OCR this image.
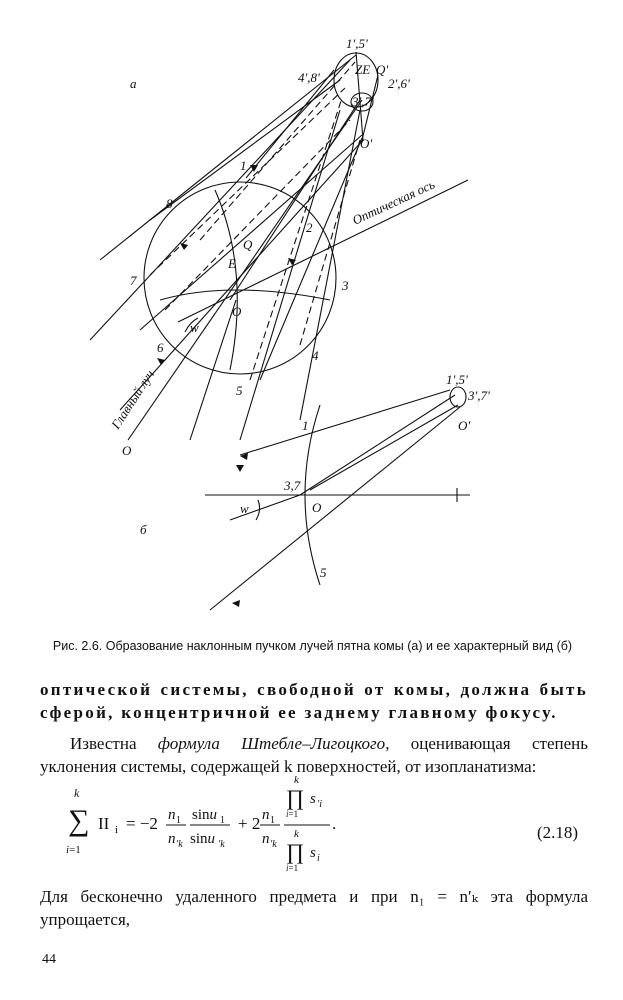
а
1',5'
4',8'	2',6'
3',7'
ZE Q'
O'
1
2
3
4
5
6
7
8
O
Q
E
w
Оптическая ось
Главный луч
O
б
1',5'
3',7'
O'
1
3,7
O
w
5
Рис. 2.6. Образование наклонным пучком лучей пятна комы (а) и ее характерный вид (б)
оптической системы, свободной от комы, должна быть сферой, концентричной ее заднему главному фокусу.
Известна формула Штебле–Лигоцкого, оценивающая степень уклонения системы, содержащей k поверхностей, от изопланатизма:
k
∑
i=1
II i = −2 n 1
n ′k
sinu 1
sinu ′k
+ 2 n 1
n ′k
k
∏
i=1
s ′i
k
∏
i=1
s i
.	(2.18)
Для бесконечно удаленного предмета и при n₁ = n′ₖ эта формула упрощается,
44
